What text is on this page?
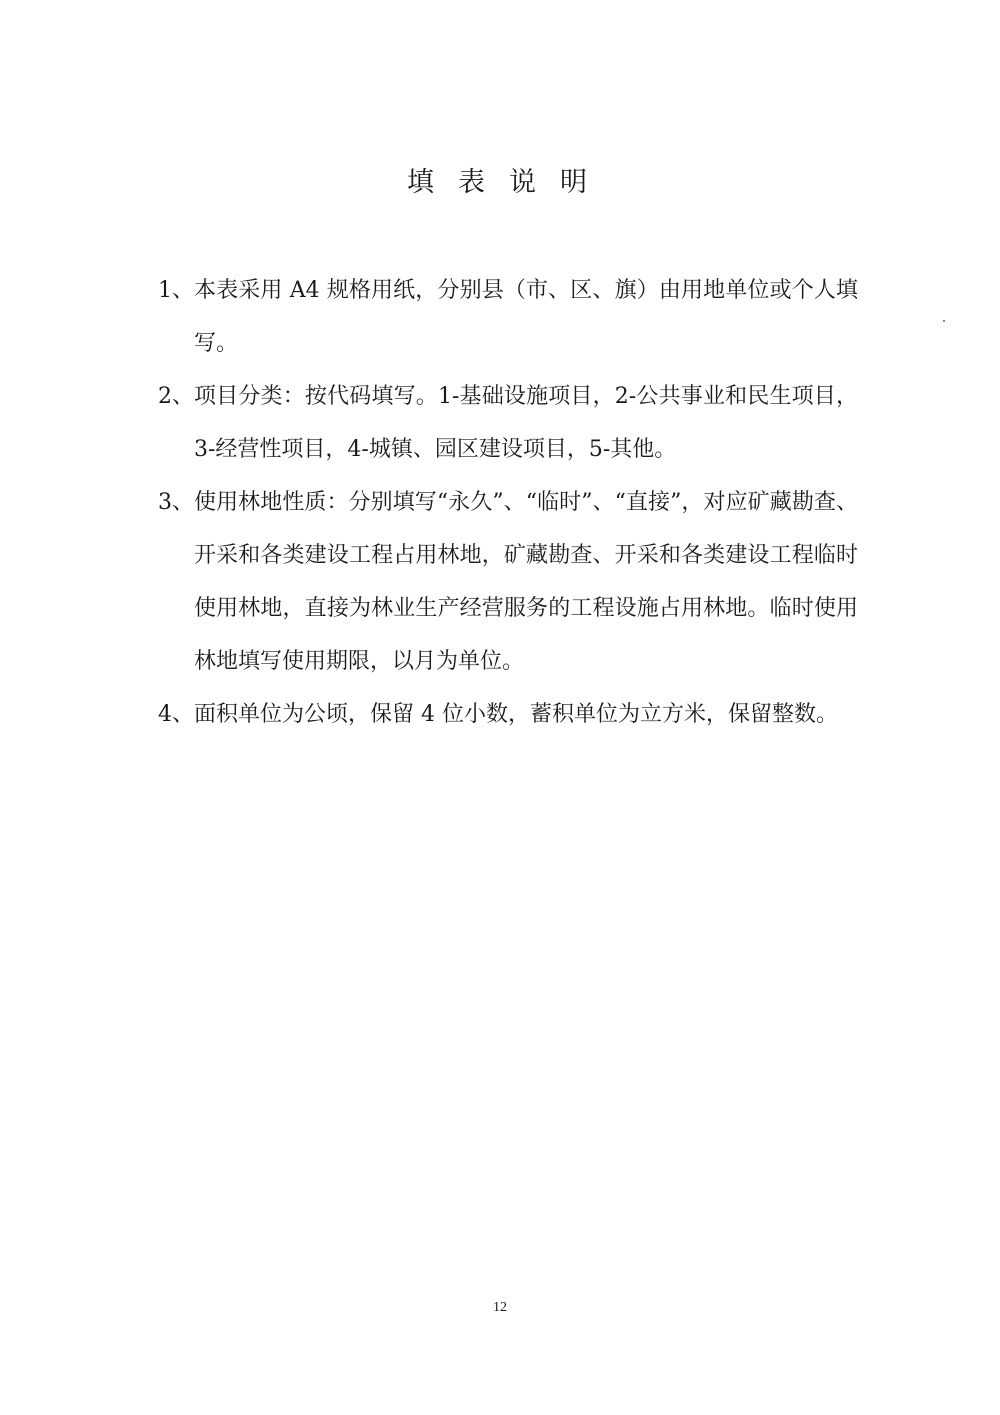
填表说明
1、 本表采用 A4 规格用纸，分别县（市、区、旗）由用地单位或个人填写。
2、 项目分类：按代码填写。1-基础设施项目，2-公共事业和民生项目，3-经营性项目，4-城镇、园区建设项目，5-其他。
3、 使用林地性质：分别填写“永久”、“临时”、“直接”，对应矿藏勘查、开采和各类建设工程占用林地，矿藏勘查、开采和各类建设工程临时使用林地，直接为林业生产经营服务的工程设施占用林地。临时使用林地填写使用期限，以月为单位。
4、 面积单位为公顷，保留 4 位小数，蓄积单位为立方米，保留整数。
12
